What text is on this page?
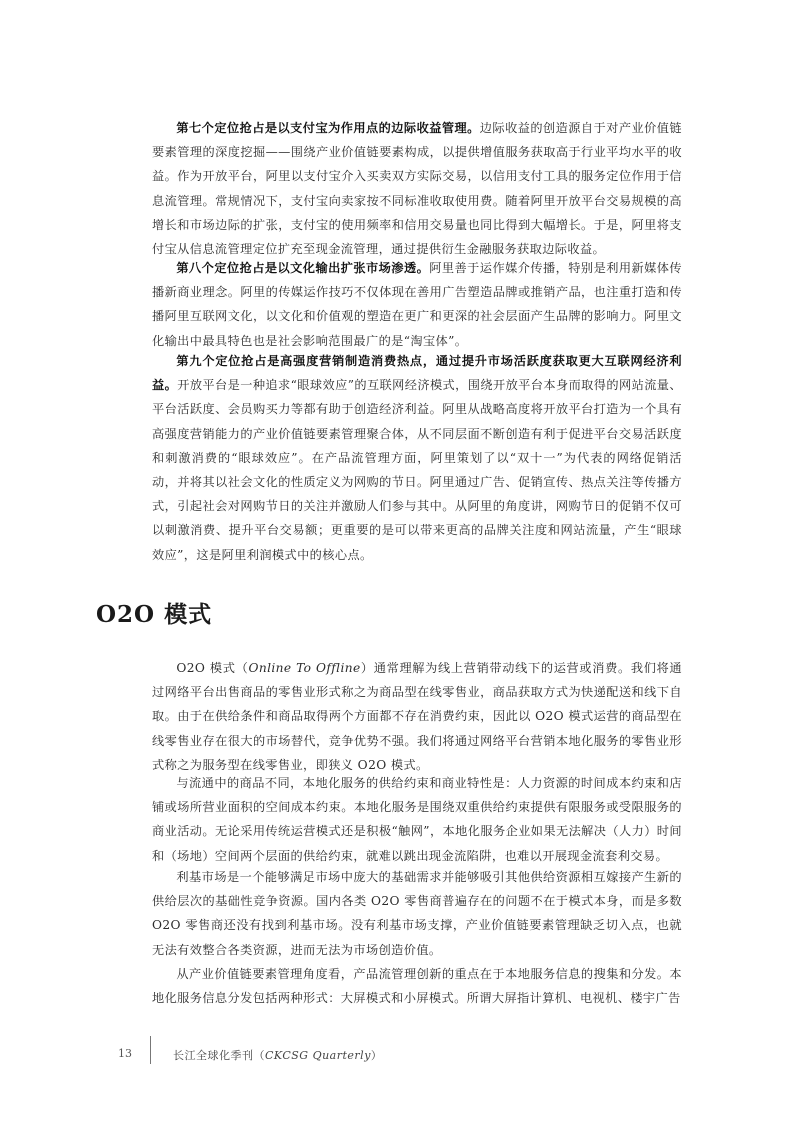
第七个定位抢占是以支付宝为作用点的边际收益管理。边际收益的创造源自于对产业价值链要素管理的深度挖掘——围绕产业价值链要素构成，以提供增值服务获取高于行业平均水平的收益。作为开放平台，阿里以支付宝介入买卖双方实际交易，以信用支付工具的服务定位作用于信息流管理。常规情况下，支付宝向卖家按不同标准收取使用费。随着阿里开放平台交易规模的高增长和市场边际的扩张，支付宝的使用频率和信用交易量也同比得到大幅增长。于是，阿里将支付宝从信息流管理定位扩充至现金流管理，通过提供衍生金融服务获取边际收益。

第八个定位抢占是以文化输出扩张市场渗透。阿里善于运作媒介传播，特别是利用新媒体传播新商业理念。阿里的传媒运作技巧不仅体现在善用广告塑造品牌或推销产品，也注重打造和传播阿里互联网文化，以文化和价值观的塑造在更广和更深的社会层面产生品牌的影响力。阿里文化输出中最具特色也是社会影响范围最广的是“淘宝体”。

第九个定位抢占是高强度营销制造消费热点，通过提升市场活跃度获取更大互联网经济利益。开放平台是一种追求“眼球效应”的互联网经济模式，围绕开放平台本身而取得的网站流量、平台活跃度、会员购买力等都有助于创造经济利益。阿里从战略高度将开放平台打造为一个具有高强度营销能力的产业价值链要素管理聚合体，从不同层面不断创造有利于促进平台交易活跃度和刺激消费的“眼球效应”。在产品流管理方面，阿里策划了以“双十一”为代表的网络促销活动，并将其以社会文化的性质定义为网购的节日。阿里通过广告、促销宣传、热点关注等传播方式，引起社会对网购节日的关注并激励人们参与其中。从阿里的角度讲，网购节日的促销不仅可以刺激消费、提升平台交易额；更重要的是可以带来更高的品牌关注度和网站流量，产生“眼球效应”，这是阿里利润模式中的核心点。

O2O 模式

O2O 模式（Online To Offline）通常理解为线上营销带动线下的运营或消费。我们将通过网络平台出售商品的零售业形式称之为商品型在线零售业，商品获取方式为快递配送和线下自取。由于在供给条件和商品取得两个方面都不存在消费约束，因此以 O2O 模式运营的商品型在线零售业存在很大的市场替代，竞争优势不强。我们将通过网络平台营销本地化服务的零售业形式称之为服务型在线零售业，即狭义 O2O 模式。

与流通中的商品不同，本地化服务的供给约束和商业特性是：人力资源的时间成本约束和店铺或场所营业面积的空间成本约束。本地化服务是围绕双重供给约束提供有限服务或受限服务的商业活动。无论采用传统运营模式还是积极“触网”，本地化服务企业如果无法解决（人力）时间和（场地）空间两个层面的供给约束，就难以跳出现金流陷阱，也难以开展现金流套利交易。

利基市场是一个能够满足市场中庞大的基础需求并能够吸引其他供给资源相互嫁接产生新的供给层次的基础性竞争资源。国内各类 O2O 零售商普遍存在的问题不在于模式本身，而是多数 O2O 零售商还没有找到利基市场。没有利基市场支撑，产业价值链要素管理缺乏切入点，也就无法有效整合各类资源，进而无法为市场创造价值。

从产业价值链要素管理角度看，产品流管理创新的重点在于本地服务信息的搜集和分发。本地化服务信息分发包括两种形式：大屏模式和小屏模式。所谓大屏指计算机、电视机、楼宇广告

13	长江全球化季刊（CKCSG Quarterly）
